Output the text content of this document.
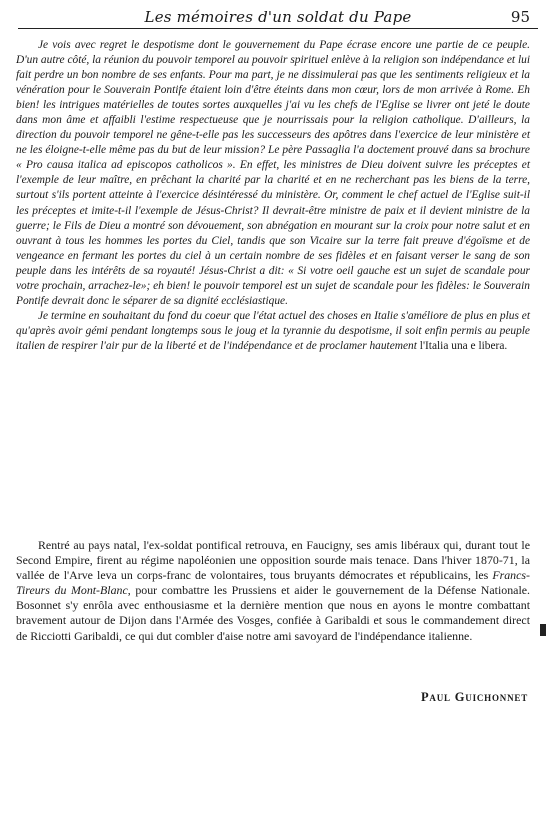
Les mémoires d'un soldat du Pape	95

Je vois avec regret le despotisme dont le gouvernement du Pape écrase encore une partie de ce peuple. D'un autre côté, la réunion du pouvoir temporel au pouvoir spirituel enlève à la religion son indépendance et lui fait perdre un bon nombre de ses enfants. Pour ma part, je ne dissimulerai pas que les sentiments religieux et la vénération pour le Souverain Pontife étaient loin d'être éteints dans mon cœur, lors de mon arrivée à Rome. Eh bien! les intrigues matérielles de toutes sortes auxquelles j'ai vu les chefs de l'Eglise se livrer ont jeté le doute dans mon âme et affaibli l'estime respectueuse que je nourrissais pour la religion catholique. D'ailleurs, la direction du pouvoir temporel ne gêne-t-elle pas les successeurs des apôtres dans l'exercice de leur ministère et ne les éloigne-t-elle même pas du but de leur mission? Le père Passaglia l'a doctement prouvé dans sa brochure « Pro causa italica ad episcopos catholicos ». En effet, les ministres de Dieu doivent suivre les préceptes et l'exemple de leur maître, en prêchant la charité par la charité et en ne recherchant pas les biens de la terre, surtout s'ils portent atteinte à l'exercice désintéressé du ministère. Or, comment le chef actuel de l'Eglise suit-il les préceptes et imite-t-il l'exemple de Jésus-Christ? Il devrait-être ministre de paix et il devient ministre de la guerre; le Fils de Dieu a montré son dévouement, son abnégation en mourant sur la croix pour notre salut et en ouvrant à tous les hommes les portes du Ciel, tandis que son Vicaire sur la terre fait preuve d'égoïsme et de vengeance en fermant les portes du ciel à un certain nombre de ses fidèles et en faisant verser le sang de son peuple dans les intérêts de sa royauté! Jésus-Christ a dit: « Si votre oeil gauche est un sujet de scandale pour votre prochain, arrachez-le»; eh bien! le pouvoir temporel est un sujet de scandale pour les fidèles: le Souverain Pontife devrait donc le séparer de sa dignité ecclésiastique.

Je termine en souhaitant du fond du coeur que l'état actuel des choses en Italie s'améliore de plus en plus et qu'après avoir gémi pendant longtemps sous le joug et la tyrannie du despotisme, il soit enfin permis au peuple italien de respirer l'air pur de la liberté et de l'indépendance et de proclamer hautement l'Italia una e libera.

Rentré au pays natal, l'ex-soldat pontifical retrouva, en Faucigny, ses amis libéraux qui, durant tout le Second Empire, firent au régime napoléonien une opposition sourde mais tenace. Dans l'hiver 1870-71, la vallée de l'Arve leva un corps-franc de volontaires, tous bruyants démocrates et républicains, les Francs-Tireurs du Mont-Blanc, pour combattre les Prussiens et aider le gouvernement de la Défense Nationale. Bosonnet s'y enrôla avec enthousiasme et la dernière mention que nous en ayons le montre combattant bravement autour de Dijon dans l'Armée des Vosges, confiée à Garibaldi et sous le commandement direct de Ricciotti Garibaldi, ce qui dut combler d'aise notre ami savoyard de l'indépendance italienne.

Paul Guichonnet
